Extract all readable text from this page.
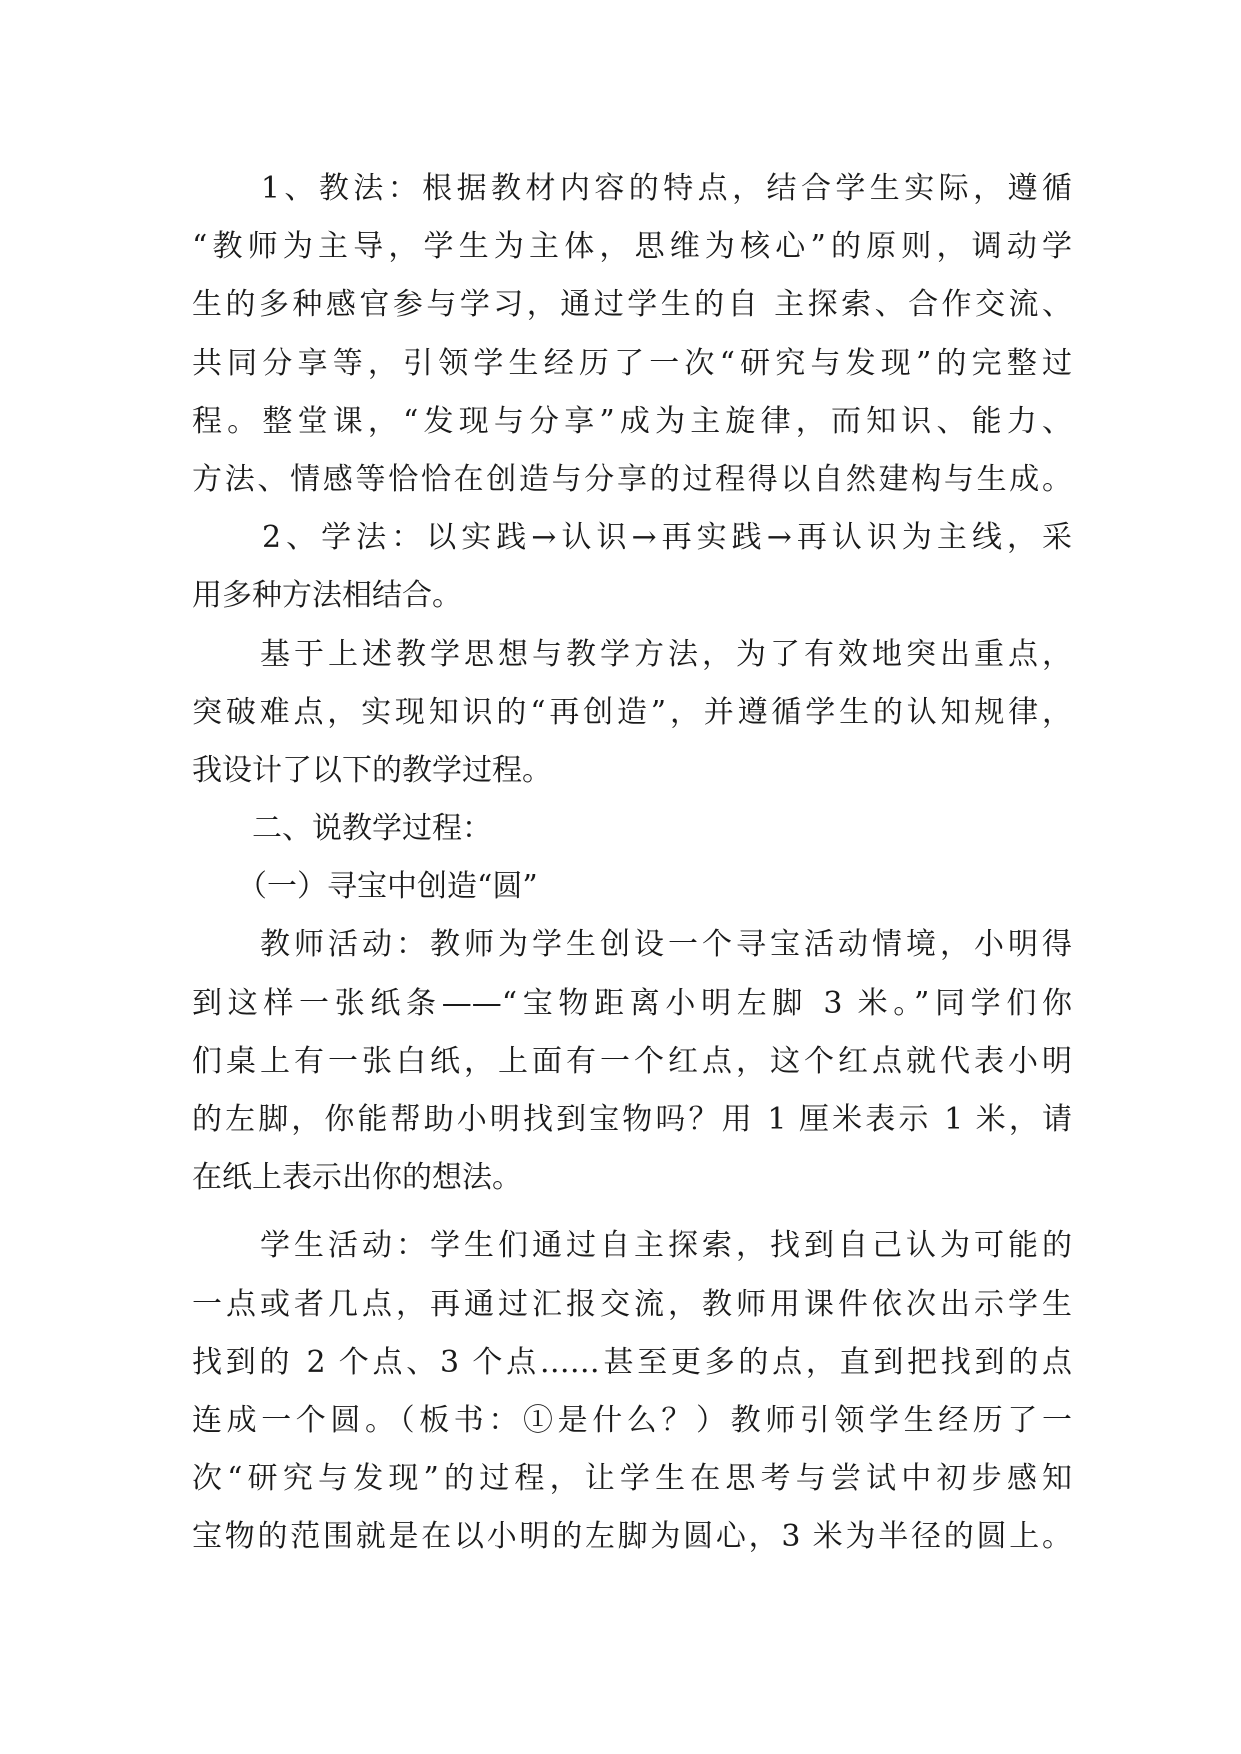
　　1、教法：根据教材内容的特点，结合学生实际，遵循
“教师为主导，学生为主体，思维为核心”的原则，调动学
生的多种感官参与学习，通过学生的自 主探索、合作交流、
共同分享等，引领学生经历了一次“研究与发现”的完整过
程。整堂课，“发现与分享”成为主旋律，而知识、能力、
方法、情感等恰恰在创造与分享的过程得以自然建构与生成。
　　2、学法：以实践→认识→再实践→再认识为主线，采
用多种方法相结合。
　　基于上述教学思想与教学方法，为了有效地突出重点，
突破难点，实现知识的“再创造”，并遵循学生的认知规律，
我设计了以下的教学过程。
　　二、说教学过程：
　　（一）寻宝中创造“圆”
　　教师活动：教师为学生创设一个寻宝活动情境，小明得
到这样一张纸条——“宝物距离小明左脚 3 米。”同学们你
们桌上有一张白纸，上面有一个红点，这个红点就代表小明
的左脚，你能帮助小明找到宝物吗？用 1 厘米表示 1 米，请
在纸上表示出你的想法。
　　学生活动：学生们通过自主探索，找到自己认为可能的
一点或者几点，再通过汇报交流，教师用课件依次出示学生
找到的 2 个点、3 个点……甚至更多的点，直到把找到的点
连成一个圆。（板书：①是什么？）教师引领学生经历了一
次“研究与发现”的过程，让学生在思考与尝试中初步感知
宝物的范围就是在以小明的左脚为圆心，3 米为半径的圆上。
